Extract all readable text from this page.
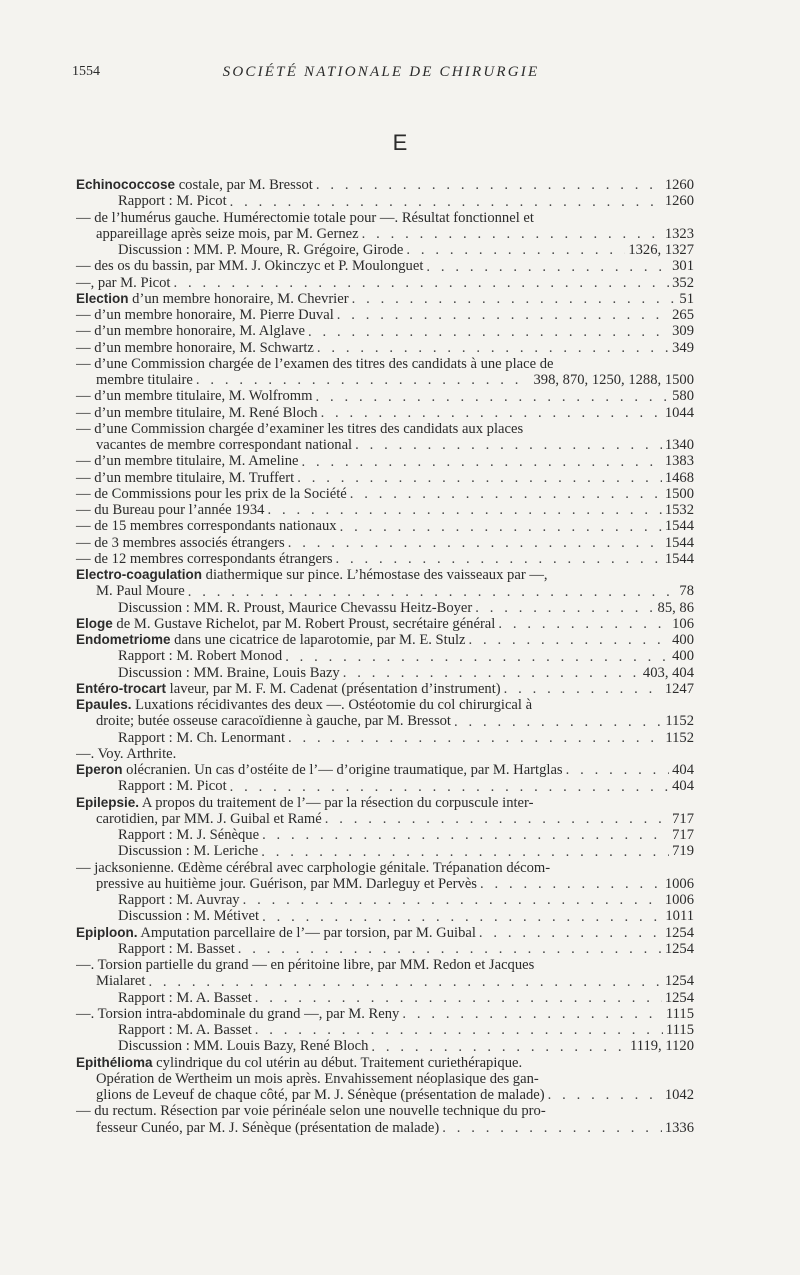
1554	SOCIÉTÉ NATIONALE DE CHIRURGIE
E
Echinococcose costale, par M. Bressot . . .	1260
Rapport : M. Picot . . .	1260
— de l’humérus gauche. Humérectomie totale pour —. Résultat fonctionnel et
appareillage après seize mois, par M. Gernez . . .	1323
Discussion : MM. P. Moure, R. Grégoire, Girode . . .	1326, 1327
— des os du bassin, par MM. J. Okinczyc et P. Moulonguet . . .	301
—, par M. Picot . . .	352
Election d’un membre honoraire, M. Chevrier . . .	51
— d’un membre honoraire, M. Pierre Duval . . .	265
— d’un membre honoraire, M. Alglave . . .	309
— d’un membre honoraire, M. Schwartz . . .	349
— d’une Commission chargée de l’examen des titres des candidats à une place de
membre titulaire . . .	398, 870, 1250, 1288, 1500
— d’un membre titulaire, M. Wolfromm . . .	580
— d’un membre titulaire, M. René Bloch . . .	1044
— d’une Commission chargée d’examiner les titres des candidats aux places
vacantes de membre correspondant national . . .	1340
— d’un membre titulaire, M. Ameline . . .	1383
— d’un membre titulaire, M. Truffert . . .	1468
— de Commissions pour les prix de la Société . . .	1500
— du Bureau pour l’année 1934 . . .	1532
— de 15 membres correspondants nationaux . . .	1544
— de 3 membres associés étrangers . . .	1544
— de 12 membres correspondants étrangers . . .	1544
Electro-coagulation diathermique sur pince. L’hémostase des vaisseaux par —,
M. Paul Moure . . .	78
Discussion : MM. R. Proust, Maurice Chevassu Heitz-Boyer . . .	85, 86
Eloge de M. Gustave Richelot, par M. Robert Proust, secrétaire général . . .	106
Endometriome dans une cicatrice de laparotomie, par M. E. Stulz . . .	400
Rapport : M. Robert Monod . . .	400
Discussion : MM. Braine, Louis Bazy . . .	403, 404
Entéro-trocart laveur, par M. F. M. Cadenat (présentation d’instrument) . . .	1247
Epaules. Luxations récidivantes des deux —. Ostéotomie du col chirurgical à
droite; butée osseuse caracoïdienne à gauche, par M. Bressot . . .	1152
Rapport : M. Ch. Lenormant . . .	1152
—. Voy. Arthrite.
Eperon olécranien. Un cas d’ostéite de l’— d’origine traumatique, par M. Hartglas . . .	404
Rapport : M. Picot . . .	404
Epilepsie. A propos du traitement de l’— par la résection du corpuscule inter-
carotidien, par MM. J. Guibal et Ramé . . .	717
Rapport : M. J. Sénèque . . .	717
Discussion : M. Leriche . . .	719
— jacksonienne. Œdème cérébral avec carphologie génitale. Trépanation décom-
pressive au huitième jour. Guérison, par MM. Darleguy et Pervès . . .	1006
Rapport : M. Auvray . . .	1006
Discussion : M. Métivet . . .	1011
Epiploon. Amputation parcellaire de l’— par torsion, par M. Guibal . . .	1254
Rapport : M. Basset . . .	1254
—. Torsion partielle du grand — en péritoine libre, par MM. Redon et Jacques
Mialaret . . .	1254
Rapport : M. A. Basset . . .	1254
—. Torsion intra-abdominale du grand —, par M. Reny . . .	1115
Rapport : M. A. Basset . . .	1115
Discussion : MM. Louis Bazy, René Bloch . . .	1119, 1120
Epithélioma cylindrique du col utérin au début. Traitement curiethérapique.
Opération de Wertheim un mois après. Envahissement néoplasique des gan-
glions de Leveuf de chaque côté, par M. J. Sénèque (présentation de malade) . . .	1042
— du rectum. Résection par voie périnéale selon une nouvelle technique du pro-
fesseur Cunéo, par M. J. Sénèque (présentation de malade) . . .	1336
